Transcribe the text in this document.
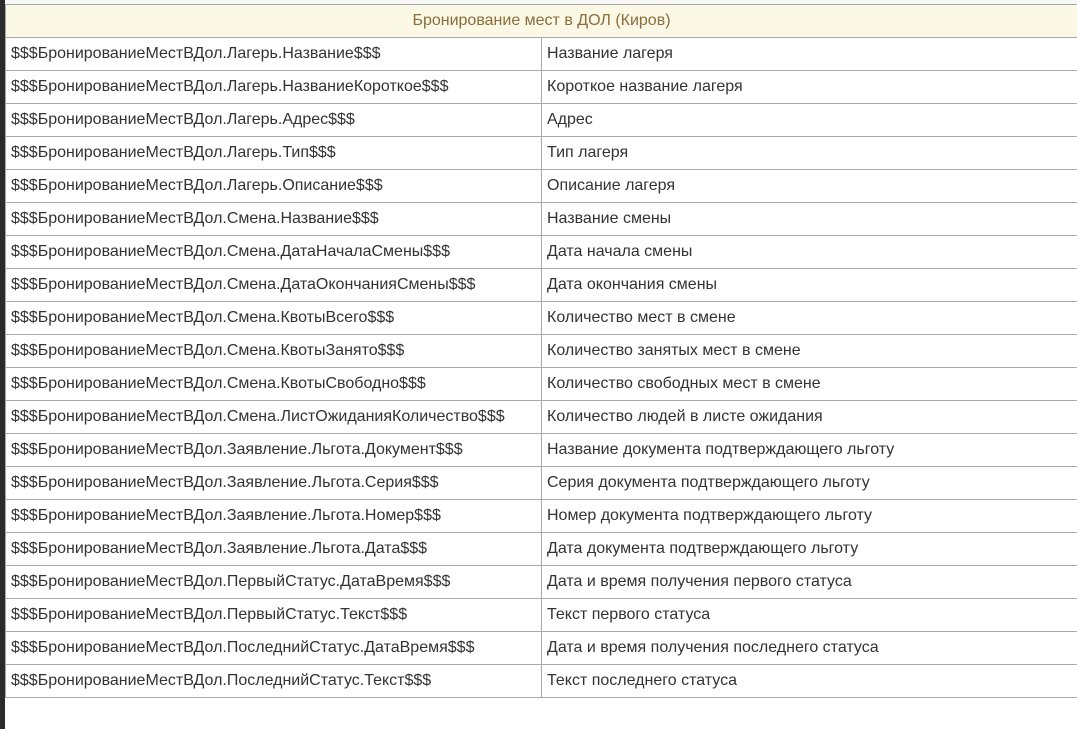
Бронирование мест в ДОЛ (Киров)	
$$$БронированиеМестВДол.Лагерь.Название$$$	Название лагеря
$$$БронированиеМестВДол.Лагерь.НазваниеКороткое$$$	Короткое название лагеря
$$$БронированиеМестВДол.Лагерь.Адрес$$$	Адрес
$$$БронированиеМестВДол.Лагерь.Тип$$$	Тип лагеря
$$$БронированиеМестВДол.Лагерь.Описание$$$	Описание лагеря
$$$БронированиеМестВДол.Смена.Название$$$	Название смены
$$$БронированиеМестВДол.Смена.ДатаНачалаСмены$$$	Дата начала смены
$$$БронированиеМестВДол.Смена.ДатаОкончанияСмены$$$	Дата окончания смены
$$$БронированиеМестВДол.Смена.КвотыВсего$$$	Количество мест в смене
$$$БронированиеМестВДол.Смена.КвотыЗанято$$$	Количество занятых мест в смене
$$$БронированиеМестВДол.Смена.КвотыСвободно$$$	Количество свободных мест в смене
$$$БронированиеМестВДол.Смена.ЛистОжиданияКоличество$$$	Количество людей в листе ожидания
$$$БронированиеМестВДол.Заявление.Льгота.Документ$$$	Название документа подтверждающего льготу
$$$БронированиеМестВДол.Заявление.Льгота.Серия$$$	Серия документа подтверждающего льготу
$$$БронированиеМестВДол.Заявление.Льгота.Номер$$$	Номер документа подтверждающего льготу
$$$БронированиеМестВДол.Заявление.Льгота.Дата$$$	Дата документа подтверждающего льготу
$$$БронированиеМестВДол.ПервыйСтатус.ДатаВремя$$$	Дата и время получения первого статуса
$$$БронированиеМестВДол.ПервыйСтатус.Текст$$$	Текст первого статуса
$$$БронированиеМестВДол.ПоследнийСтатус.ДатаВремя$$$	Дата и время получения последнего статуса
$$$БронированиеМестВДол.ПоследнийСтатус.Текст$$$	Текст последнего статуса
